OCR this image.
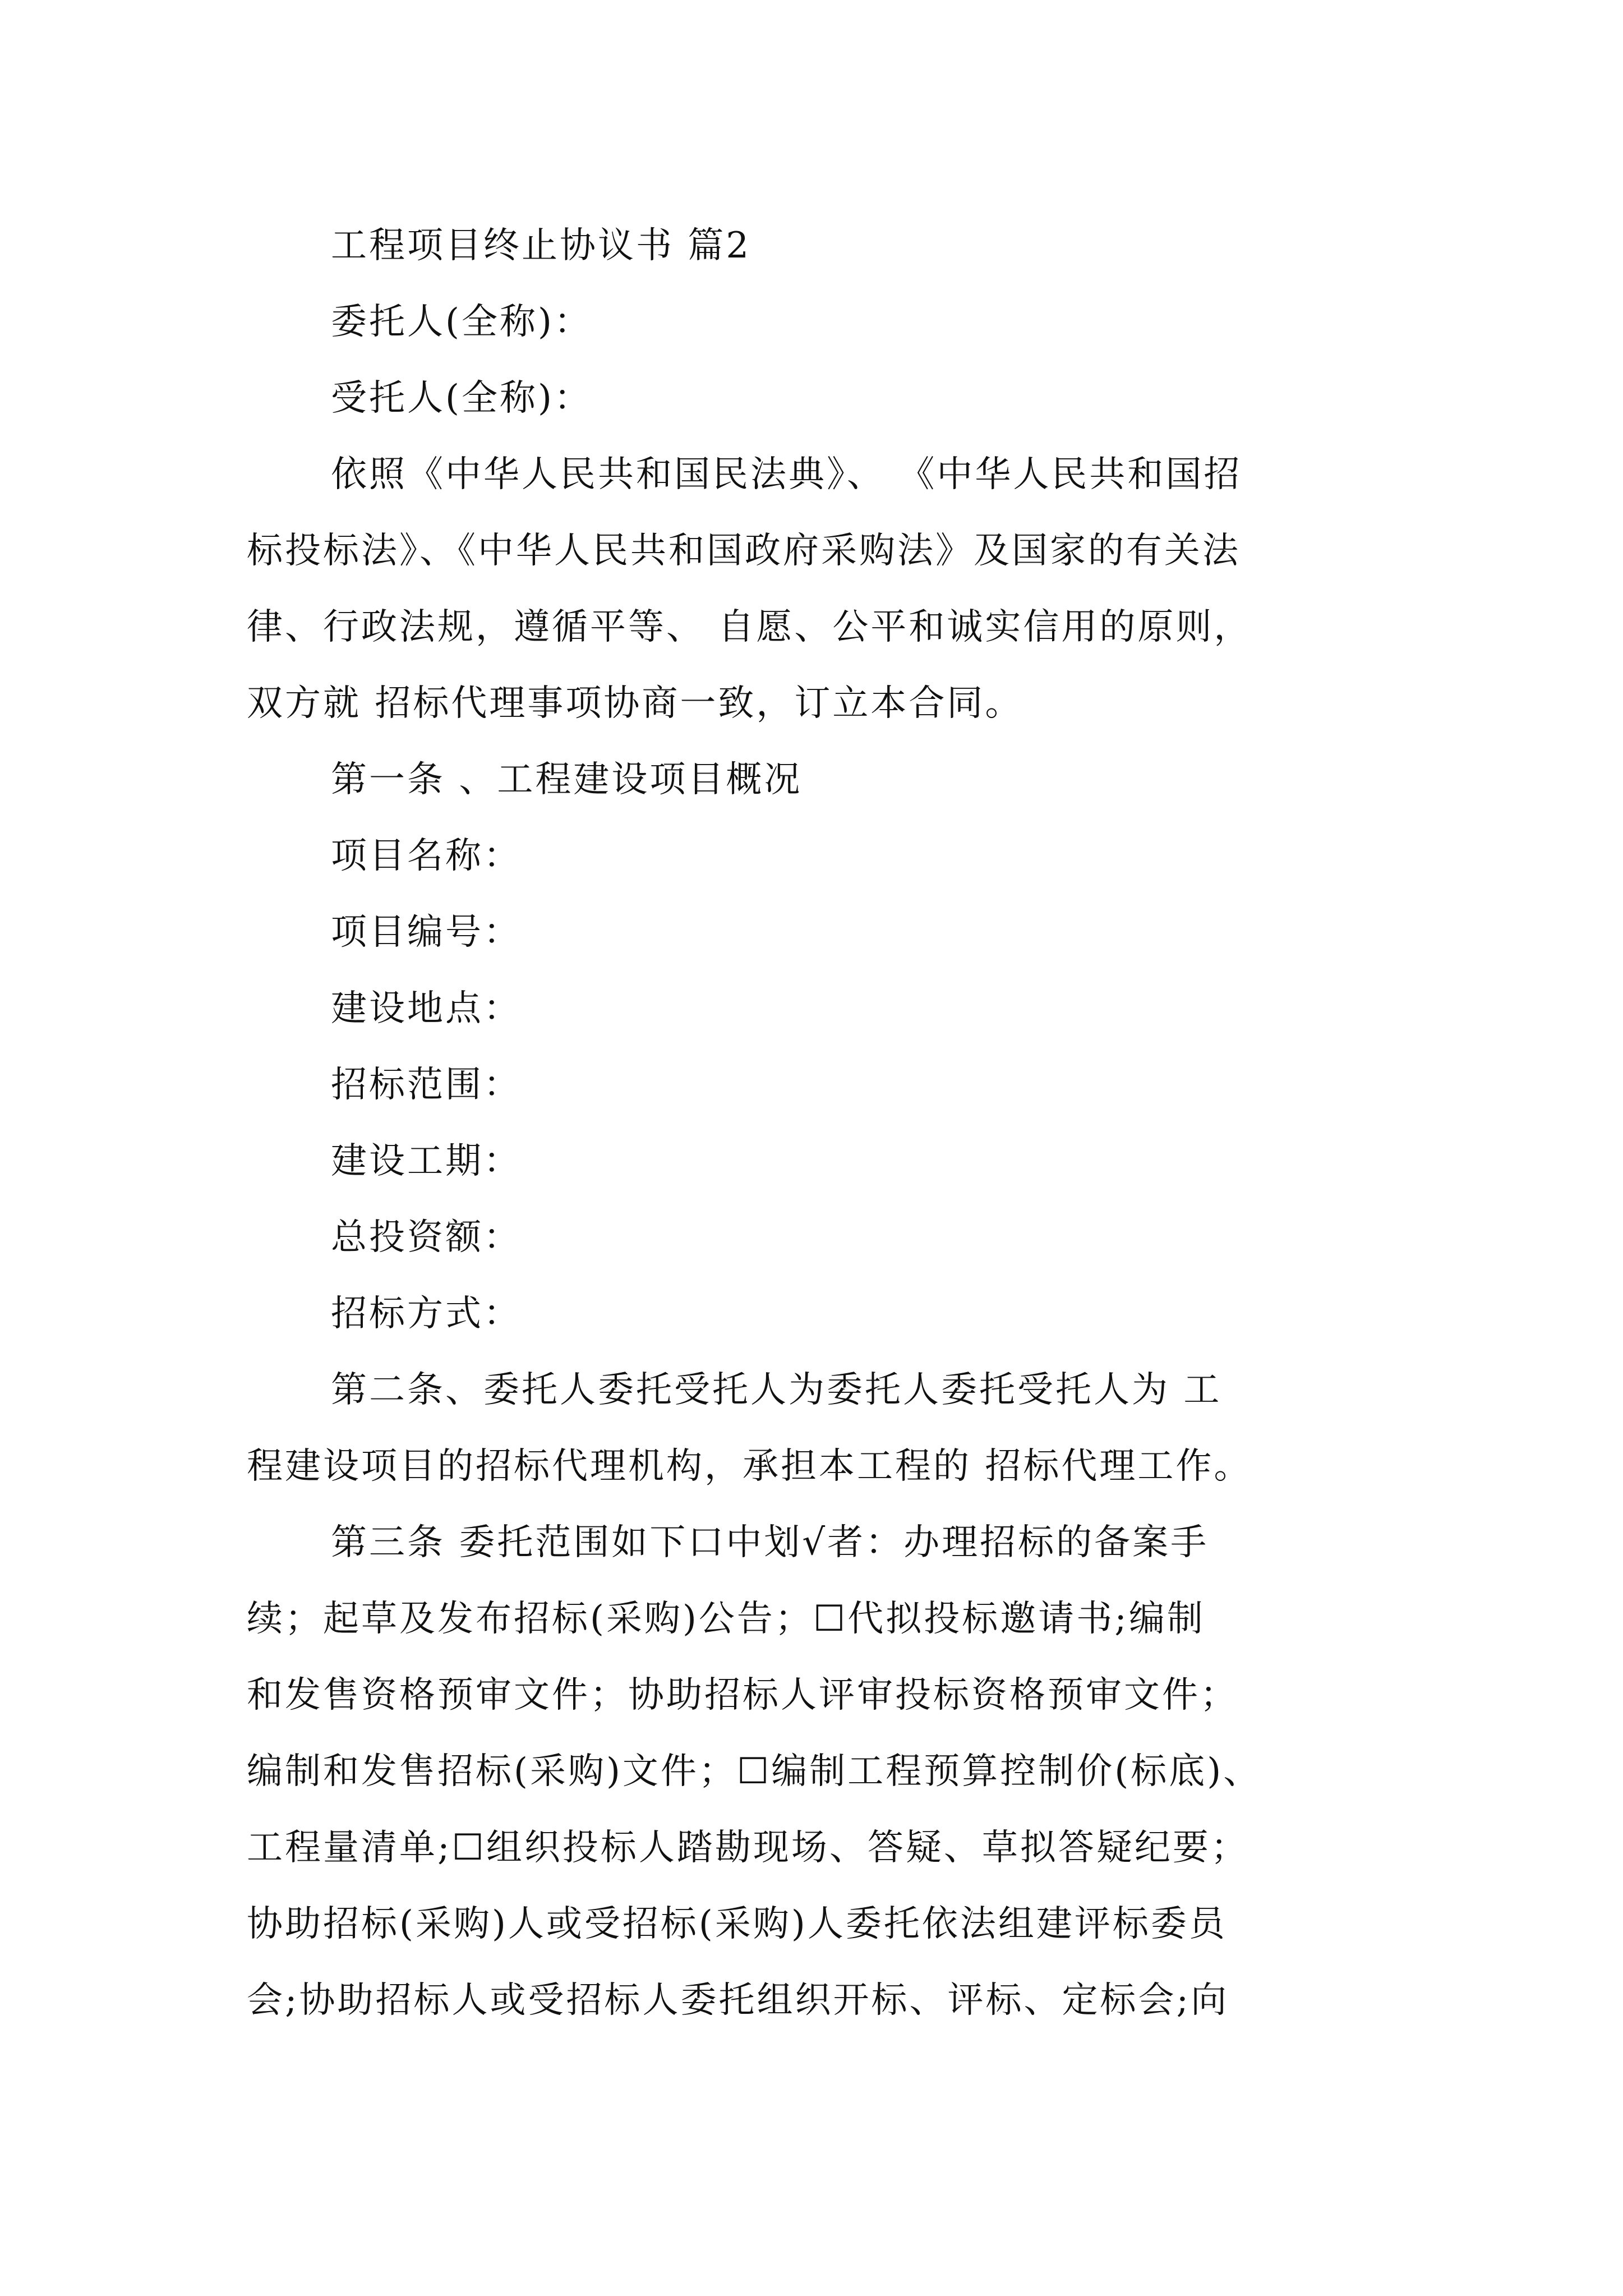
工程项目终止协议书 篇2
委托人(全称)：
受托人(全称)：
依照《中华人民共和国民法典》、 《中华人民共和国招
标投标法》、《中华人民共和国政府采购法》及国家的有关法
律、行政法规，遵循平等、 自愿、公平和诚实信用的原则，
双方就 招标代理事项协商一致，订立本合同。
第一条 、工程建设项目概况
项目名称：
项目编号：
建设地点：
招标范围：
建设工期：
总投资额：
招标方式：
第二条、委托人委托受托人为委托人委托受托人为 工
程建设项目的招标代理机构，承担本工程的 招标代理工作。
第三条 委托范围如下口中划√者：办理招标的备案手
续；起草及发布招标(采购)公告；☐代拟投标邀请书;编制
和发售资格预审文件；协助招标人评审投标资格预审文件；
编制和发售招标(采购)文件；☐编制工程预算控制价(标底)、
工程量清单;☐组织投标人踏勘现场、答疑、草拟答疑纪要；
协助招标(采购)人或受招标(采购)人委托依法组建评标委员
会;协助招标人或受招标人委托组织开标、评标、定标会;向
